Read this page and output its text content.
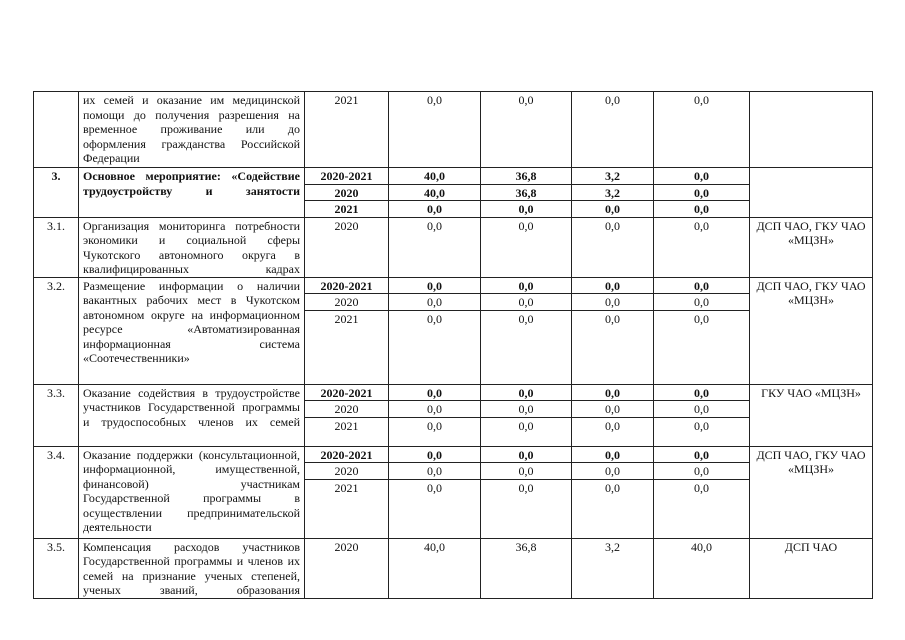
	их семей и оказание им медицинской помощи до получения разрешения на временное проживание или до оформления гражданства Российской Федерации	2021	0,0	0,0	0,0	0,0	
3.	Основное мероприятие: «Содействие трудоустройству и занятости	2020-2021	40,0	36,8	3,2	0,0	
		2020	40,0	36,8	3,2	0,0	
		2021	0,0	0,0	0,0	0,0	
3.1.	Организация мониторинга потребности экономики и социальной сферы Чукотского автономного округа в квалифицированных кадрах	2020	0,0	0,0	0,0	0,0	ДСП ЧАО, ГКУ ЧАО «МЦЗН»
3.2.	Размещение информации о наличии вакантных рабочих мест в Чукотском автономном округе на информационном ресурсе «Автоматизированная информационная система «Соотечественники»	2020-2021	0,0	0,0	0,0	0,0	ДСП ЧАО, ГКУ ЧАО «МЦЗН»
		2020	0,0	0,0	0,0	0,0	
		2021	0,0	0,0	0,0	0,0	
3.3.	Оказание содействия в трудоустройстве участников Государственной программы и трудоспособных членов их семей	2020-2021	0,0	0,0	0,0	0,0	ГКУ ЧАО «МЦЗН»
		2020	0,0	0,0	0,0	0,0	
		2021	0,0	0,0	0,0	0,0	
3.4.	Оказание поддержки (консультационной, информационной, имущественной, финансовой) участникам Государственной программы в осуществлении предпринимательской деятельности	2020-2021	0,0	0,0	0,0	0,0	ДСП ЧАО, ГКУ ЧАО «МЦЗН»
		2020	0,0	0,0	0,0	0,0	
		2021	0,0	0,0	0,0	0,0	
3.5.	Компенсация расходов участников Государственной программы и членов их семей на признание ученых степеней, ученых званий, образования	2020	40,0	36,8	3,2	40,0	ДСП ЧАО
